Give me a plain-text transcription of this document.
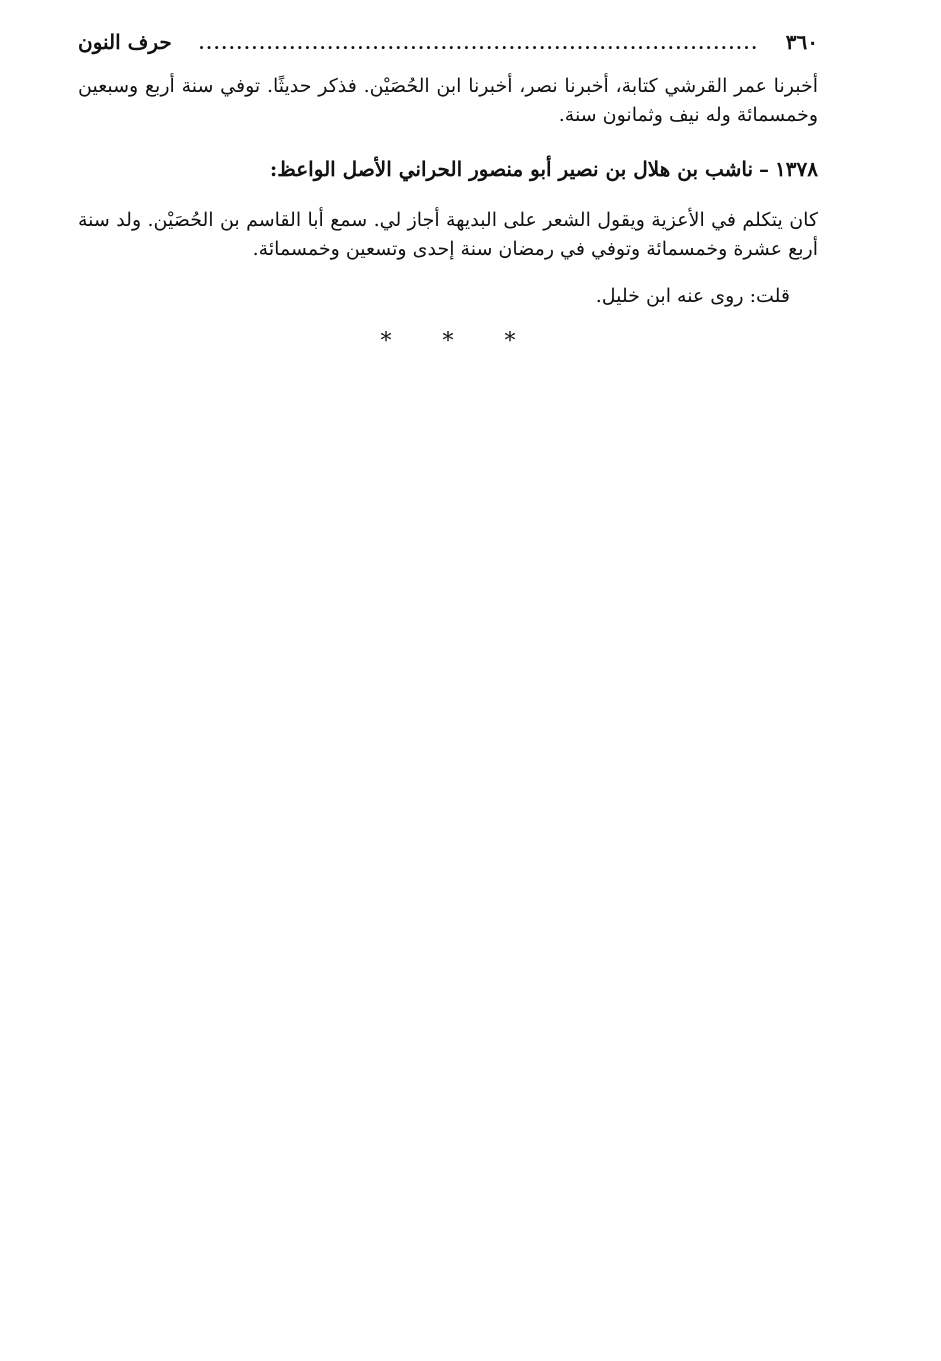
٣٦٠
..........................................................................
حرف النون

أخبرنا عمر القرشي كتابة، أخبرنا نصر، أخبرنا ابن الحُصَيْن. فذكر حديثًا. توفي سنة أربع وسبعين وخمسمائة وله نيف وثمانون سنة.

١٣٧٨–ناشب بن هلال بن نصير أبو منصور الحراني الأصل الواعظ:

كان يتكلم في الأعزية ويقول الشعر على البديهة أجاز لي. سمع أبا القاسم بن الحُصَيْن. ولد سنة أربع عشرة وخمسمائة وتوفي في رمضان سنة إحدى وتسعين وخمسمائة.

قلت: روى عنه ابن خليل.

* * *
